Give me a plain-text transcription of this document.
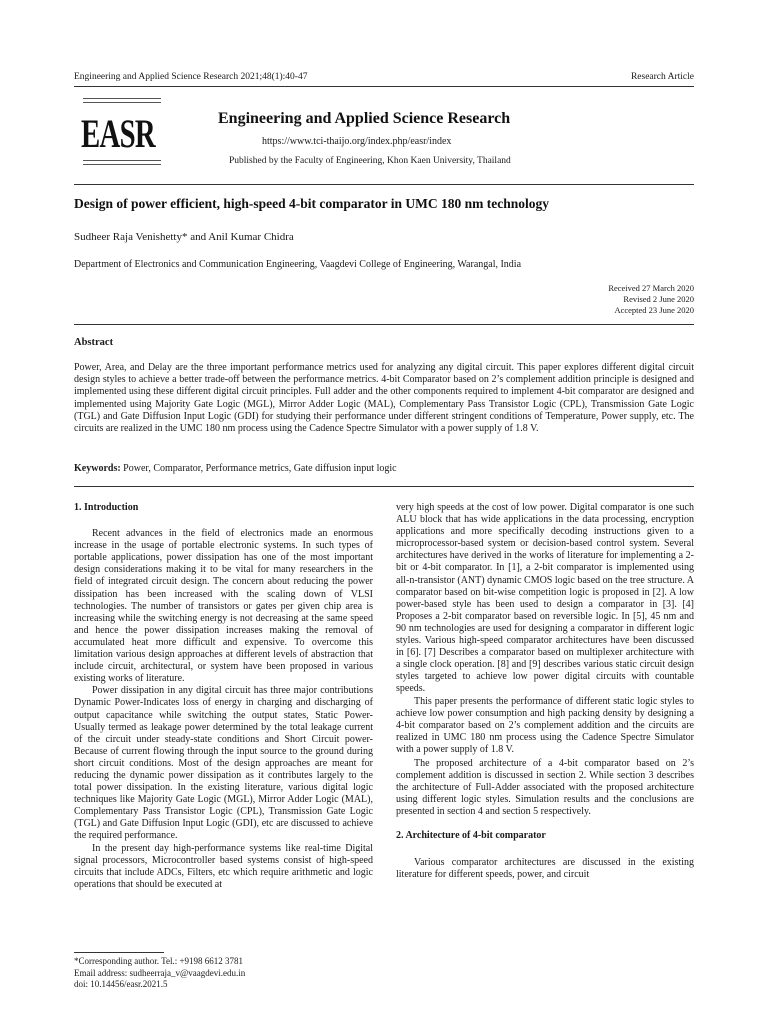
Engineering and Applied Science Research 2021;48(1):40-47	Research Article
EASR	Engineering and Applied Science Research
https://www.tci-thaijo.org/index.php/easr/index
Published by the Faculty of Engineering, Khon Kaen University, Thailand
Design of power efficient, high-speed 4-bit comparator in UMC 180 nm technology
Sudheer Raja Venishetty* and Anil Kumar Chidra
Department of Electronics and Communication Engineering, Vaagdevi College of Engineering, Warangal, India
Received 27 March 2020
Revised 2 June 2020
Accepted 23 June 2020
Abstract
Power, Area, and Delay are the three important performance metrics used for analyzing any digital circuit. This paper explores different digital circuit design styles to achieve a better trade-off between the performance metrics. 4-bit Comparator based on 2’s complement addition principle is designed and implemented using these different digital circuit principles. Full adder and the other components required to implement 4-bit comparator are designed and implemented using Majority Gate Logic (MGL), Mirror Adder Logic (MAL), Complementary Pass Transistor Logic (CPL), Transmission Gate Logic (TGL) and Gate Diffusion Input Logic (GDI) for studying their performance under different stringent conditions of Temperature, Power supply, etc. The circuits are realized in the UMC 180 nm process using the Cadence Spectre Simulator with a power supply of 1.8 V.
Keywords: Power, Comparator, Performance metrics, Gate diffusion input logic
1. Introduction
Recent advances in the field of electronics made an enormous increase in the usage of portable electronic systems. In such types of portable applications, power dissipation has one of the most important design considerations making it to be vital for many researchers in the field of integrated circuit design. The concern about reducing the power dissipation has been increased with the scaling down of VLSI technologies. The number of transistors or gates per given chip area is increasing while the switching energy is not decreasing at the same speed and hence the power dissipation increases making the removal of accumulated heat more difficult and expensive. To overcome this limitation various design approaches at different levels of abstraction that include circuit, architectural, or system have been proposed in various existing works of literature.
Power dissipation in any digital circuit has three major contributions Dynamic Power-Indicates loss of energy in charging and discharging of output capacitance while switching the output states, Static Power- Usually termed as leakage power determined by the total leakage current of the circuit under steady-state conditions and Short Circuit power- Because of current flowing through the input source to the ground during short circuit conditions. Most of the design approaches are meant for reducing the dynamic power dissipation as it contributes largely to the total power dissipation. In the existing literature, various digital logic techniques like Majority Gate Logic (MGL), Mirror Adder Logic (MAL), Complementary Pass Transistor Logic (CPL), Transmission Gate Logic (TGL) and Gate Diffusion Input Logic (GDI), etc are discussed to achieve the required performance.
In the present day high-performance systems like real-time Digital signal processors, Microcontroller based systems consist of high-speed circuits that include ADCs, Filters, etc which require arithmetic and logic operations that should be executed at
very high speeds at the cost of low power. Digital comparator is one such ALU block that has wide applications in the data processing, encryption applications and more specifically decoding instructions given to a microprocessor-based system or decision-based control system. Several architectures have derived in the works of literature for implementing a 2-bit or 4-bit comparator. In [1], a 2-bit comparator is implemented using all-n-transistor (ANT) dynamic CMOS logic based on the tree structure. A comparator based on bit-wise competition logic is proposed in [2]. A low power-based style has been used to design a comparator in [3]. [4] Proposes a 2-bit comparator based on reversible logic. In [5], 45 nm and 90 nm technologies are used for designing a comparator in different logic styles. Various high-speed comparator architectures have been discussed in [6]. [7] Describes a comparator based on multiplexer architecture with a single clock operation. [8] and [9] describes various static circuit design styles targeted to achieve low power digital circuits with countable speeds.
This paper presents the performance of different static logic styles to achieve low power consumption and high packing density by designing a 4-bit comparator based on 2’s complement addition and the circuits are realized in UMC 180 nm process using the Cadence Spectre Simulator with a power supply of 1.8 V.
The proposed architecture of a 4-bit comparator based on 2’s complement addition is discussed in section 2. While section 3 describes the architecture of Full-Adder associated with the proposed architecture using different logic styles. Simulation results and the conclusions are presented in section 4 and section 5 respectively.
2. Architecture of 4-bit comparator
Various comparator architectures are discussed in the existing literature for different speeds, power, and circuit
*Corresponding author. Tel.: +9198 6612 3781
Email address: sudheerraja_v@vaagdevi.edu.in
doi: 10.14456/easr.2021.5
